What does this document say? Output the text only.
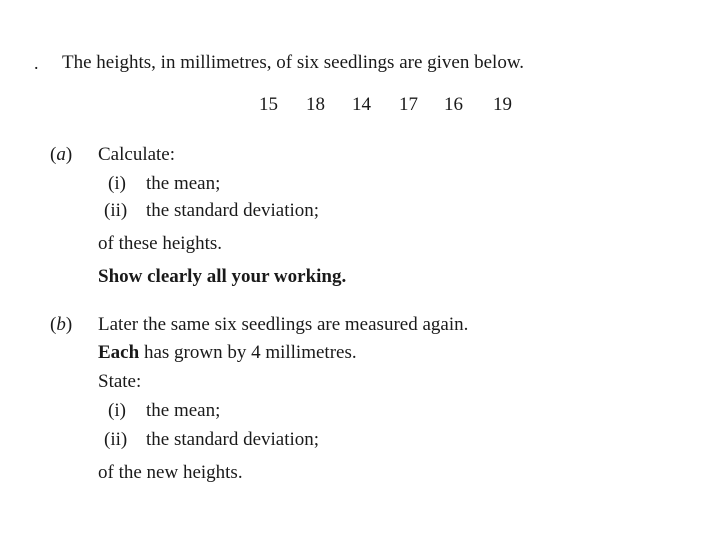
. The heights, in millimetres, of six seedlings are given below.
15 18 14 17 16 19
(a) Calculate:
(i) the mean;
(ii) the standard deviation;
of these heights.
Show clearly all your working.
(b) Later the same six seedlings are measured again.
Each has grown by 4 millimetres.
State:
(i) the mean;
(ii) the standard deviation;
of the new heights.
